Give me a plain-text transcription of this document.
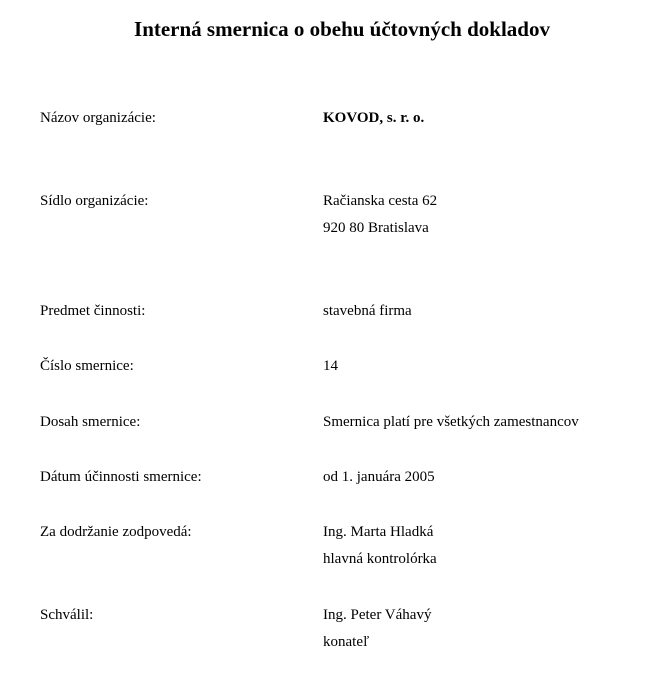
Interná smernica o obehu účtovných dokladov
Názov organizácie:	KOVOD, s. r. o.
Sídlo organizácie:	Račianska cesta 62
920 80 Bratislava
Predmet činnosti:	stavebná firma
Číslo smernice:	14
Dosah smernice:	Smernica platí pre všetkých zamestnancov
Dátum účinnosti smernice:	od 1. januára 2005
Za dodržanie zodpovedá:	Ing. Marta Hladká
hlavná kontrolórka
Schválil:	Ing. Peter Váhavý
konateľ
